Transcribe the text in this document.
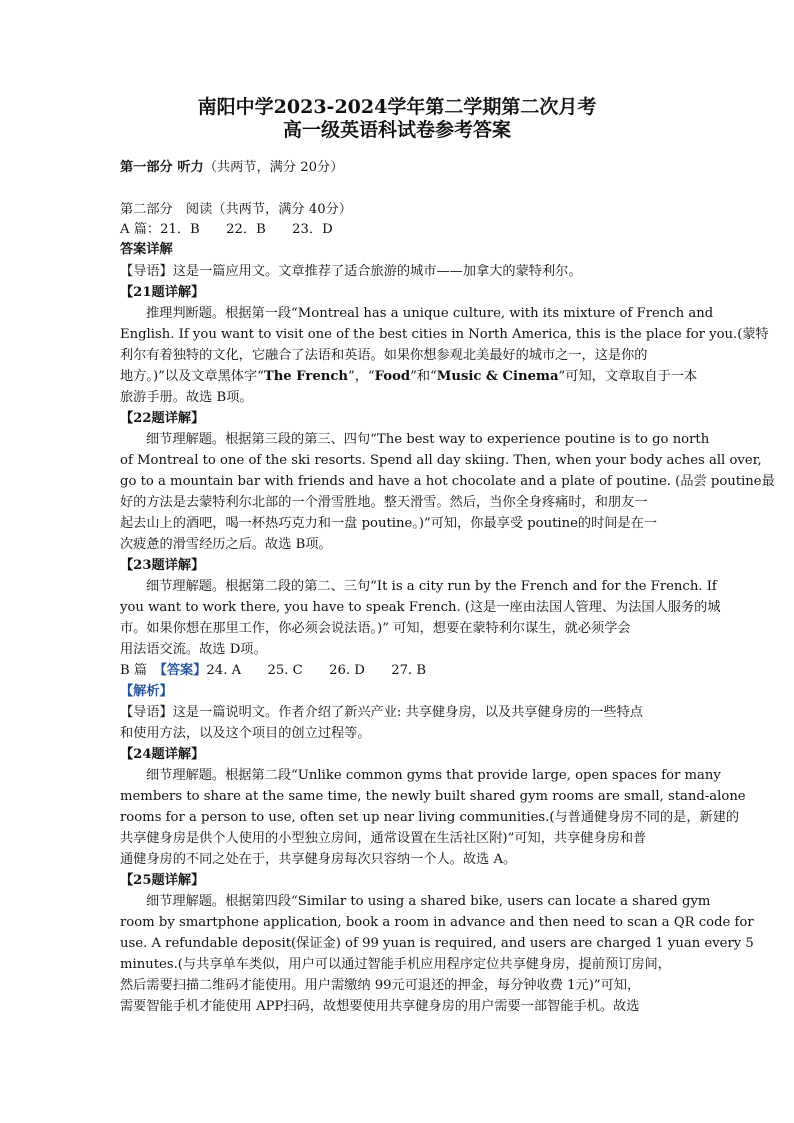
南阳中学2023-2024学年第二学期第二次月考
高一级英语科试卷参考答案
第一部分 听力（共两节，满分 20分）
第二部分　阅读（共两节，满分 40分）
A 篇：21．B　　22．B　　23．D
答案详解
【导语】这是一篇应用文。文章推荐了适合旅游的城市——加拿大的蒙特利尔。
【21题详解】
推理判断题。根据第一段“Montreal has a unique culture, with its mixture of French and
English. If you want to visit one of the best cities in North America, this is the place for you.(蒙特
利尔有着独特的文化，它融合了法语和英语。如果你想参观北美最好的城市之一，这是你的
地方。)”以及文章黑体字“The French”，“Food”和“Music & Cinema”可知，文章取自于一本
旅游手册。故选 B项。
【22题详解】
细节理解题。根据第三段的第三、四句“The best way to experience poutine is to go north
of Montreal to one of the ski resorts. Spend all day skiing. Then, when your body aches all over,
go to a mountain bar with friends and have a hot chocolate and a plate of poutine. (品尝 poutine最
好的方法是去蒙特利尔北部的一个滑雪胜地。整天滑雪。然后，当你全身疼痛时，和朋友一
起去山上的酒吧，喝一杯热巧克力和一盘 poutine。)”可知，你最享受 poutine的时间是在一
次疲惫的滑雪经历之后。故选 B项。
【23题详解】
细节理解题。根据第二段的第二、三句“It is a city run by the French and for the French. If
you want to work there, you have to speak French. (这是一座由法国人管理、为法国人服务的城
市。如果你想在那里工作，你必须会说法语。)” 可知，想要在蒙特利尔谋生，就必须学会
用法语交流。故选 D项。
B 篇　【答案】24. A　　25. C　　26. D　　27. B
【解析】
【导语】这是一篇说明文。作者介绍了新兴产业: 共享健身房，以及共享健身房的一些特点
和使用方法，以及这个项目的创立过程等。
【24题详解】
细节理解题。根据第二段“Unlike common gyms that provide large, open spaces for many
members to share at the same time, the newly built shared gym rooms are small, stand-alone
rooms for a person to use, often set up near living communities.(与普通健身房不同的是，新建的
共享健身房是供个人使用的小型独立房间，通常设置在生活社区附)”可知，共享健身房和普
通健身房的不同之处在于，共享健身房每次只容纳一个人。故选 A。
【25题详解】
细节理解题。根据第四段“Similar to using a shared bike, users can locate a shared gym
room by smartphone application, book a room in advance and then need to scan a QR code for
use. A refundable deposit(保证金) of 99 yuan is required, and users are charged 1 yuan every 5
minutes.(与共享单车类似，用户可以通过智能手机应用程序定位共享健身房，提前预订房间，
然后需要扫描二维码才能使用。用户需缴纳 99元可退还的押金，每分钟收费 1元)”可知，
需要智能手机才能使用 APP扫码，故想要使用共享健身房的用户需要一部智能手机。故选
